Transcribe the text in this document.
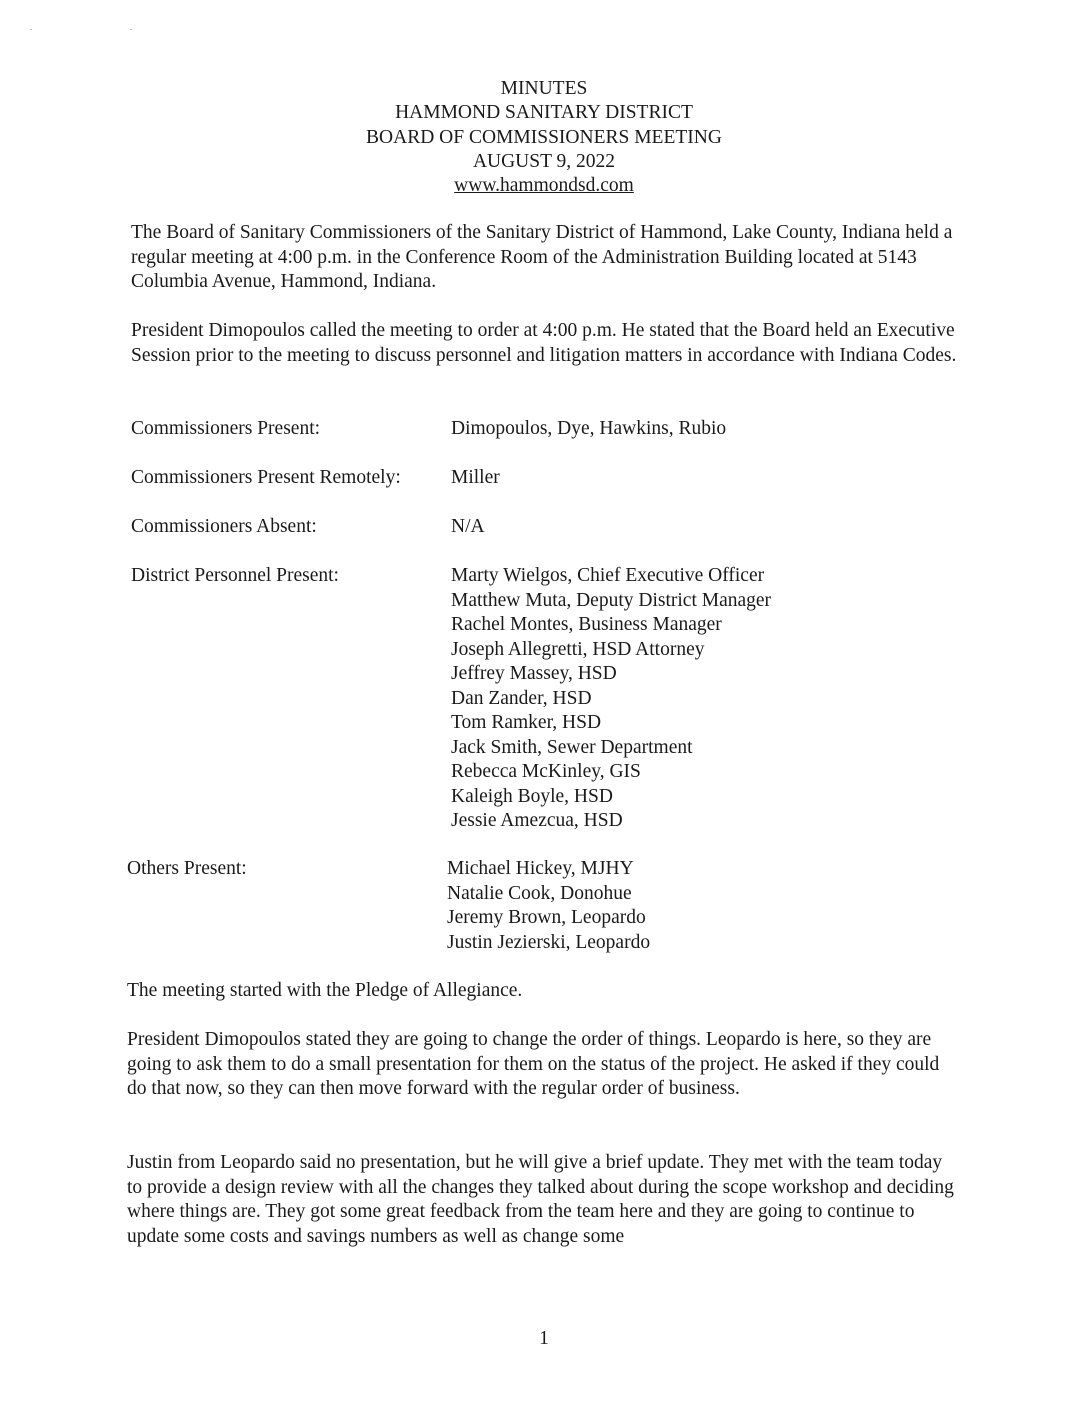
. .
MINUTES
HAMMOND SANITARY DISTRICT
BOARD OF COMMISSIONERS MEETING
AUGUST 9, 2022
www.hammondsd.com

The Board of Sanitary Commissioners of the Sanitary District of Hammond, Lake County, Indiana held a regular meeting at 4:00 p.m. in the Conference Room of the Administration Building located at 5143 Columbia Avenue, Hammond, Indiana.

President Dimopoulos called the meeting to order at 4:00 p.m. He stated that the Board held an Executive Session prior to the meeting to discuss personnel and litigation matters in accordance with Indiana Codes.

Commissioners Present:	Dimopoulos, Dye, Hawkins, Rubio
Commissioners Present Remotely:	Miller
Commissioners Absent:	N/A
District Personnel Present:	Marty Wielgos, Chief Executive Officer
Matthew Muta, Deputy District Manager
Rachel Montes, Business Manager
Joseph Allegretti, HSD Attorney
Jeffrey Massey, HSD
Dan Zander, HSD
Tom Ramker, HSD
Jack Smith, Sewer Department
Rebecca McKinley, GIS
Kaleigh Boyle, HSD
Jessie Amezcua, HSD
Others Present:	Michael Hickey, MJHY
Natalie Cook, Donohue
Jeremy Brown, Leopardo
Justin Jezierski, Leopardo

The meeting started with the Pledge of Allegiance.

President Dimopoulos stated they are going to change the order of things. Leopardo is here, so they are going to ask them to do a small presentation for them on the status of the project. He asked if they could do that now, so they can then move forward with the regular order of business.

Justin from Leopardo said no presentation, but he will give a brief update. They met with the team today to provide a design review with all the changes they talked about during the scope workshop and deciding where things are. They got some great feedback from the team here and they are going to continue to update some costs and savings numbers as well as change some

1
